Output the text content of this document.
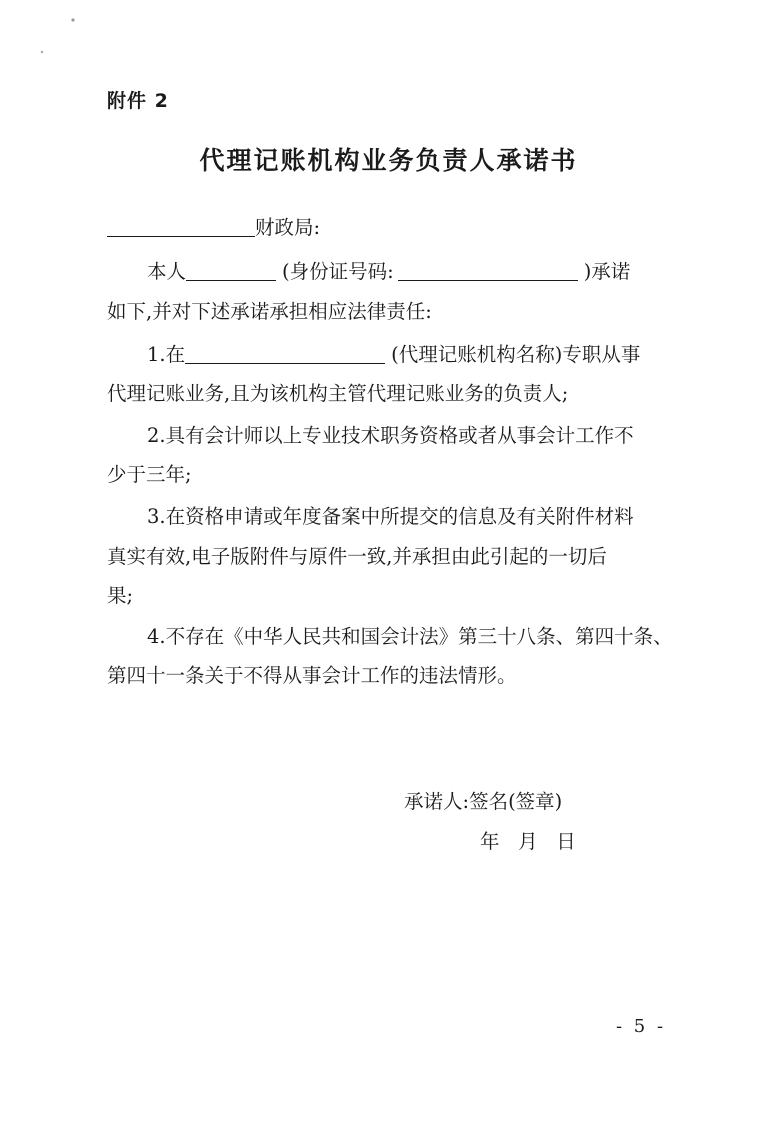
附件 2
代理记账机构业务负责人承诺书
财政局:
本人	(身份证号码:	)承诺
如下,并对下述承诺承担相应法律责任:
1.在	(代理记账机构名称)专职从事
代理记账业务,且为该机构主管代理记账业务的负责人;
2.具有会计师以上专业技术职务资格或者从事会计工作不
少于三年;
3.在资格申请或年度备案中所提交的信息及有关附件材料
真实有效,电子版附件与原件一致,并承担由此引起的一切后
果;
4.不存在《中华人民共和国会计法》第三十八条、第四十条、
第四十一条关于不得从事会计工作的违法情形。
承诺人:签名(签章)
年   月   日
- 5 -
